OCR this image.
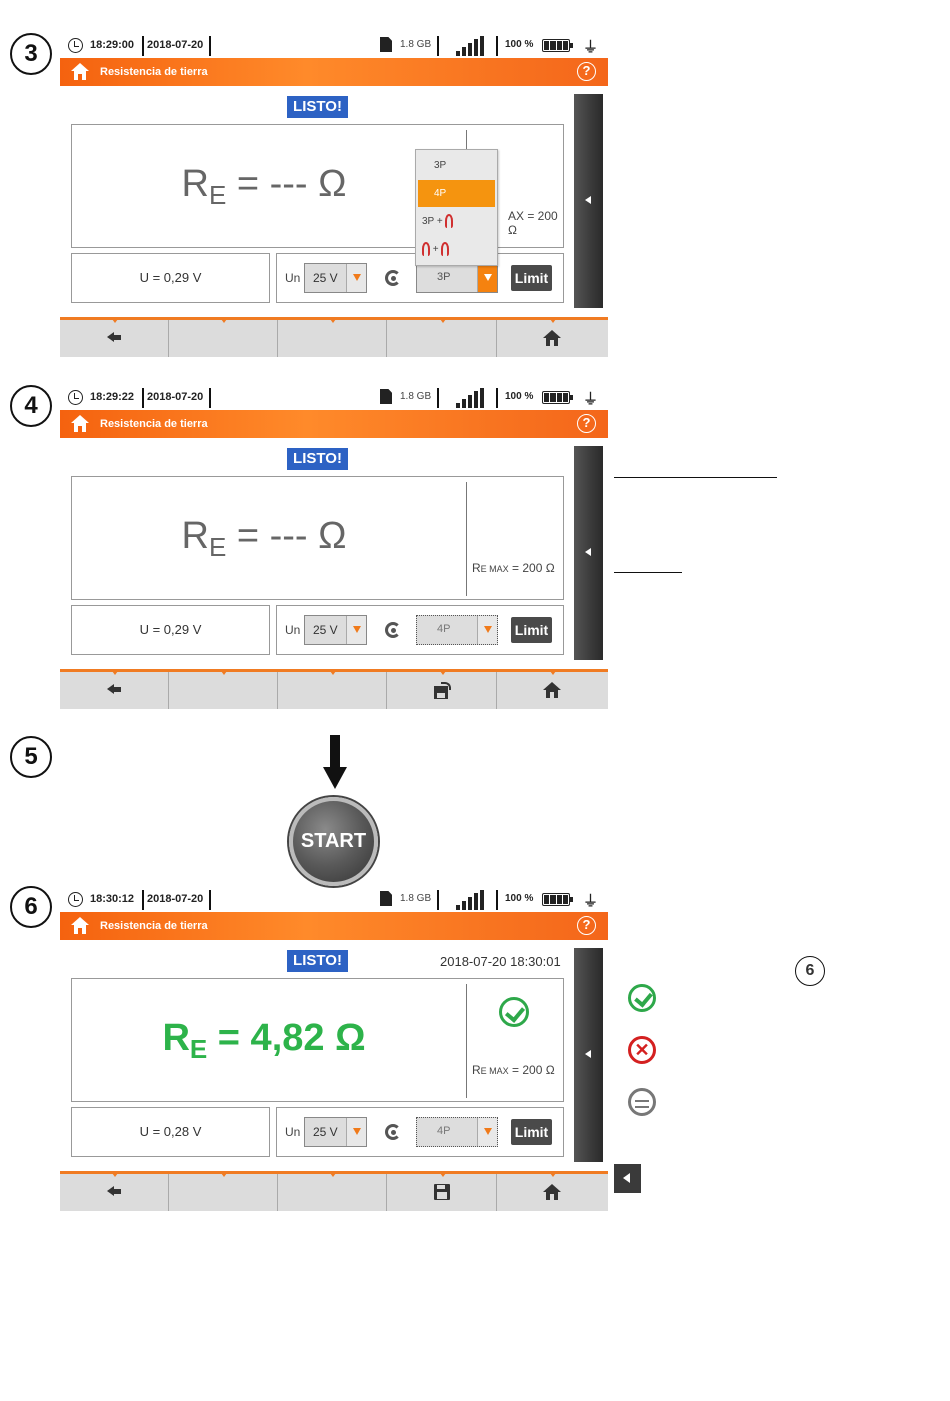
3	18:29:00 2018-07-20	1.8 GB	100 %	⏚
Resistencia de tierra	?
LISTO!
$R_E$ = --- Ω
AX = 200 Ω
U = 0,29 V	Un 25 V	3P	Limit
3P
4P
3P +
+
4	18:29:22 2018-07-20	1.8 GB	100 %	⏚
Resistencia de tierra	?
LISTO!
$R_E$ = --- Ω
RE MAX = 200 Ω
U = 0,29 V	Un 25 V	4P	Limit
5
START
6	18:30:12 2018-07-20	1.8 GB	100 %	⏚
Resistencia de tierra	?
LISTO!	2018-07-20 18:30:01
$R_E = 4,82$ Ω
RE MAX = 200 Ω
U = 0,28 V	Un 25 V	4P	Limit
6
✕
